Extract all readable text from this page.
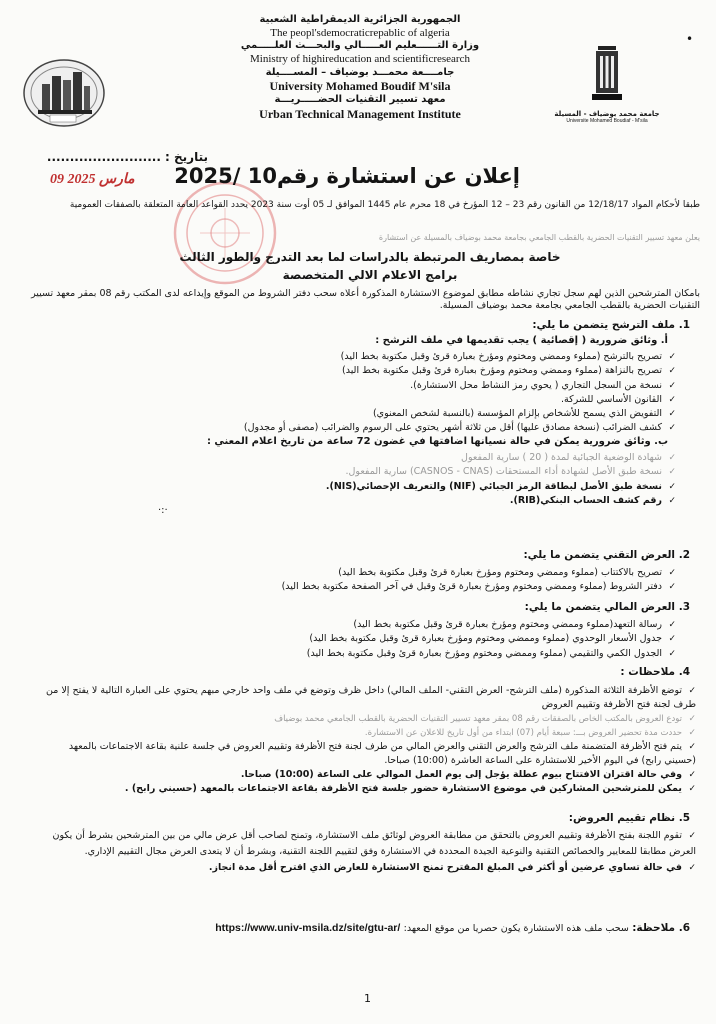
الجمهورية الجزائرية الديمقراطية الشعبية
The peopl'sdemocraticrepablic of algeria
وزارة التــــــعليم العـــــالي والبحـــث العلـــــمي
Ministry of highireducation and scientificresearch
جامــــعة محمـــد بوضياف – المســــيلة
University Mohamed Boudif M'sila
معهد تسيير التقنيات الحضـــــريـــة
Urban Technical Management Institute	جامعة محمد بوضياف - المسيلة
Universite Mohamed Boudiaf - M'sila
•
بتاريخ : .........................
09 مارس 2025 إعلان عن استشارة رقم10 /2025
طبقا لأحكام المواد 12/18/17 من القانون رقم 23 – 12 المؤرخ في 18 محرم عام 1445 الموافق لـ 05 أوت سنة 2023 يحدد القواعد العامة المتعلقة بالصفقات العمومية
يعلن معهد تسيير التقنيات الحضرية بالقطب الجامعي بجامعة محمد بوضياف بالمسيلة عن استشارة
خاصة بمصاريف المرتبطة بالدراسات لما بعد التدرج والطور الثالث
برامج الاعلام الالي المتخصصة
بامكان المترشحين الذين لهم سجل تجاري نشاطه مطابق لموضوع الاستشارة المذكورة أعلاه سحب دفتر الشروط من الموقع وإيداعه لدى المكتب رقم 08 بمقر معهد تسيير التقنيات الحضرية بالقطب الجامعي بجامعة محمد بوضياف المسيلة.
1. ملف الترشح يتضمن ما يلي:
أ. وثائق ضرورية ( إقصائية ) يجب تقديمها في ملف الترشح :
✓تصريح بالترشح (مملوء وممضي ومختوم ومؤرخ بعبارة قرئ وقبل مكتوبة بخط اليد)
✓تصريح بالنزاهة (مملوء وممضي ومختوم ومؤرخ بعبارة قرئ وقبل مكتوبة بخط اليد)
✓نسخة من السجل التجاري ( يحوي رمز النشاط محل الاستشارة).
✓القانون الأساسي للشركة.
✓التفويض الذي يسمح للأشخاص بإلزام المؤسسة (بالنسبة لشخص المعنوي)
✓كشف الضرائب (نسخة مصادق عليها) أقل من ثلاثة أشهر يحتوي على الرسوم والضرائب (مصفى أو مجدول)
ب. وثائق ضرورية يمكن في حالة نسيانها اضافتها في غضون 72 ساعة من تاريخ اعلام المعني :
✓شهادة الوضعية الجبائية لمدة ( 20 ) سارية المفعول
✓نسخة طبق الأصل لشهادة أداء المستحقات (CASNOS - CNAS) سارية المفعول.
✓نسخة طبق الأصل لبطاقة الرمز الجبائي (NIF) والتعريف الإحصائي(NIS).
✓رقم كشف الحساب البنكي(RIB).
·:·
2. العرض التقني يتضمن ما يلي:
✓تصريح بالاكتتاب (مملوء وممضي ومختوم ومؤرخ بعبارة قرئ وقبل مكتوبة بخط اليد)
✓دفتر الشروط (مملوء وممضي ومختوم ومؤرخ بعبارة قرئ وقبل في آخر الصفحة مكتوبة بخط اليد)
3. العرض المالي يتضمن ما يلي:
✓رسالة التعهد(مملوء وممضي ومختوم ومؤرخ بعبارة قرئ وقبل مكتوبة بخط اليد)
✓جدول الأسعار الوحدوي (مملوء وممضي ومختوم ومؤرخ بعبارة قرئ وقبل مكتوبة بخط اليد)
✓الجدول الكمي والتقيمي (مملوء وممضي ومختوم ومؤرخ بعبارة قرئ وقبل مكتوبة بخط اليد)
4. ملاحظات :
✓توضع الأظرفة الثلاثة المذكورة (ملف الترشح- العرض التقني- الملف المالي) داخل ظرف وتوضع في ملف واحد خارجي مبهم يحتوي على العبارة التالية لا يفتح إلا من طرف لجنة فتح الأظرفة وتقييم العروض
✓تودع العروض بالمكتب الخاص بالصفقات رقم 08 بمقر معهد تسيير التقنيات الحضرية بالقطب الجامعي محمد بوضياف
✓حددت مدة تحضير العروض بـــ: سبعة أيام (07) ابتداء من أول تاريخ للاعلان عن الاستشارة.
✓يتم فتح الأظرفة المتضمنة ملف الترشح والعرض التقني والعرض المالي من طرف لجنة فتح الأظرفة وتقييم العروض في جلسة علنية بقاعة الاجتماعات بالمعهد (حسيني رابح) في اليوم الأخير للاستشارة على الساعة العاشرة (10:00) صباحا.
✓وفي حالة اقتران الافتتاح بيوم عطلة يؤجل إلى يوم العمل الموالي على الساعة (10:00) صباحا.
✓يمكن للمترشحين المشاركين في موضوع الاستشارة حضور جلسة فتح الأظرفة بقاعة الاجتماعات بالمعهد (حسيني رابح) .
5. نظام تقييم العروض:
✓تقوم اللجنة بفتح الأظرفة وتقييم العروض بالتحقق من مطابقة العروض لوثائق ملف الاستشارة، وتمنح لصاحب أقل عرض مالي من بين المترشحين بشرط أن يكون العرض مطابقا للمعايير والخصائص التقنية والنوعية الجيدة المحددة في الاستشارة وفق لتقييم اللجنة التقنية، وبشرط أن لا يتعدى العرض مجال التقييم الإداري.
✓في حالة تساوي عرضين أو أكثر في المبلغ المقترح تمنح الاستشارة للعارض الذي اقترح أقل مدة انجاز.
6. ملاحظة: سحب ملف هذه الاستشارة يكون حصريا من موقع المعهد: https://www.univ-msila.dz/site/gtu-ar/
1
